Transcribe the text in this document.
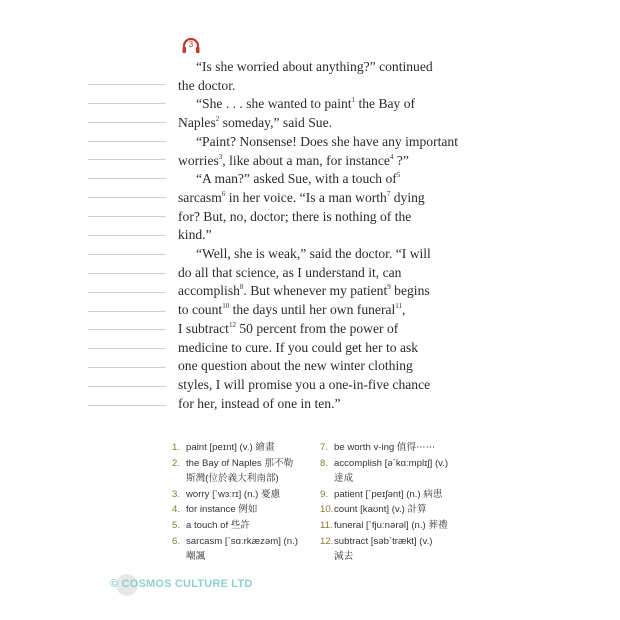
3
“Is she worried about anything?” continued
the doctor.
“She . . . she wanted to paint$^1$ the Bay of
Naples$^2$ someday,” said Sue.
“Paint? Nonsense! Does she have any important
worries$^3$, like about a man, for instance$^4$ ?”
“A man?” asked Sue, with a touch $of^5$
sarcasm$^6$ in her voice. “Is a man worth$^7$ dying
for? But, no, doctor; there is nothing of the
kind.”
“Well, she is weak,” said the doctor. “I will
do all that science, as I understand it, can
accomplish$^8$. But whenever my patient$^9$ begins
to count$^{10}$ the days until her own funeral$^{11}$,
I subtract$^{12}$ 50 percent from the power of
medicine to cure. If you could get her to ask
one question about the new winter clothing
styles, I will promise you a one-in-five chance
for her, instead of one in ten.”
1. paint [peɪnt] (v.) 繪畫
2. the Bay of Naples 那不勒
斯灣(位於義大利南部)
3. worry [`wɜːrɪ] (n.) 憂慮
4. for instance 例如
5. a touch of 些許
6. sarcasm [`sɑːrkæzəm] (n.)
嘲諷
7. be worth v-ing 值得⋯⋯
8. accomplish [ə`kɑːmplɪʃ] (v.)
達成
9. patient [`peɪʃənt] (n.) 病患
10. count [kaʊnt] (v.) 計算
11. funeral [`fjuːnərəl] (n.) 葬禮
12. subtract [səb`trækt] (v.)
減去
© COSMOS CULTURE LTD
